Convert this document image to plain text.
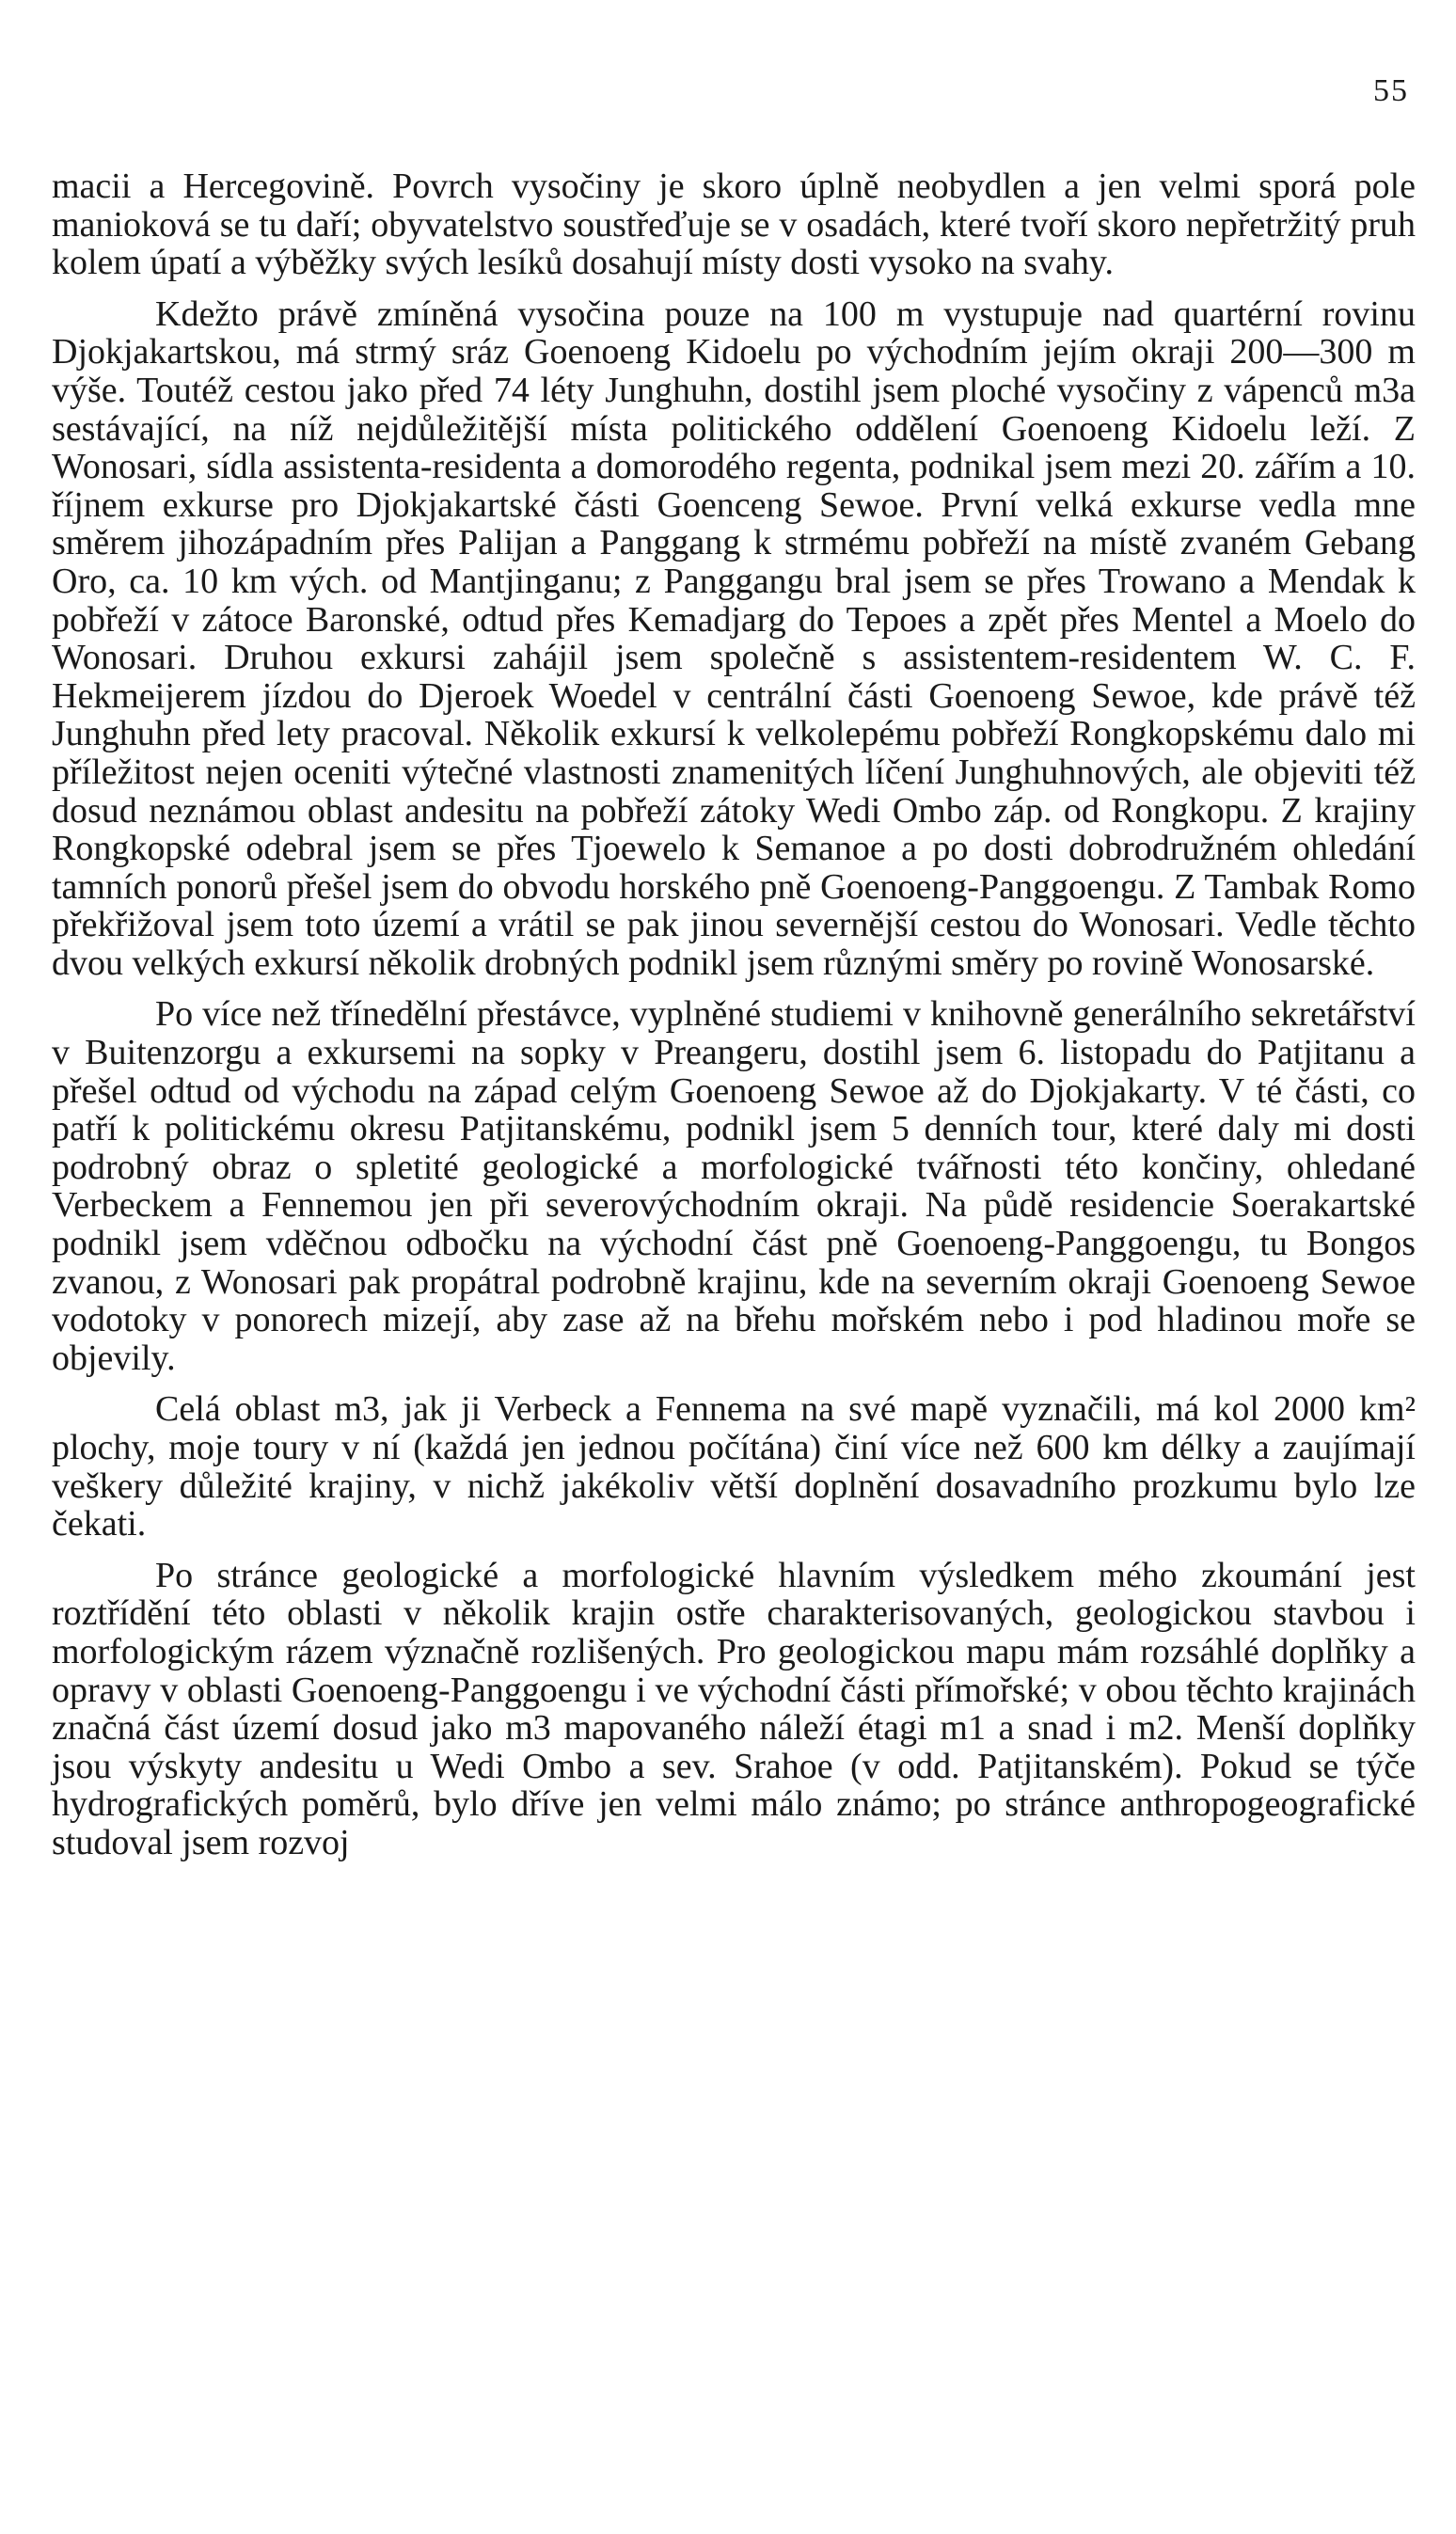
55

macii a Hercegovině. Povrch vysočiny je skoro úplně neobydlen a jen velmi sporá pole manioková se tu daří; obyvatelstvo soustřeďuje se v osadách, které tvoří skoro nepřetržitý pruh kolem úpatí a výběžky svých lesíků dosahují místy dosti vysoko na svahy.

Kdežto právě zmíněná vysočina pouze na 100 m vystupuje nad quartérní rovinu Djokjakartskou, má strmý sráz Goenoeng Kidoelu po východním jejím okraji 200—300 m výše. Toutéž cestou jako před 74 léty Junghuhn, dostihl jsem ploché vysočiny z vápenců m3a sestávající, na níž nejdůležitější místa politického oddělení Goenoeng Kidoelu leží. Z Wonosari, sídla assistenta-residenta a domorodého regenta, podnikal jsem mezi 20. zářím a 10. říjnem exkurse pro Djokjakartské části Goenceng Sewoe. První velká exkurse vedla mne směrem jihozápadním přes Palijan a Panggang k strmému pobřeží na místě zvaném Gebang Oro, ca. 10 km vých. od Mantjinganu; z Panggangu bral jsem se přes Trowano a Mendak k pobřeží v zátoce Baronské, odtud přes Kemadjarg do Tepoes a zpět přes Mentel a Moelo do Wonosari. Druhou exkursi zahájil jsem společně s assistentem-residentem W. C. F. Hekmeijerem jízdou do Djeroek Woedel v centrální části Goenoeng Sewoe, kde právě též Junghuhn před lety pracoval. Několik exkursí k velkolepému pobřeží Rongkopskému dalo mi příležitost nejen oceniti výtečné vlastnosti znamenitých líčení Junghuhnových, ale objeviti též dosud neznámou oblast andesitu na pobřeží zátoky Wedi Ombo záp. od Rongkopu. Z krajiny Rongkopské odebral jsem se přes Tjoewelo k Semanoe a po dosti dobrodružném ohledání tamních ponorů přešel jsem do obvodu horského pně Goenoeng-Panggoengu. Z Tambak Romo překřižoval jsem toto území a vrátil se pak jinou severnější cestou do Wonosari. Vedle těchto dvou velkých exkursí několik drobných podnikl jsem různými směry po rovině Wonosarské.

Po více než třínedělní přestávce, vyplněné studiemi v knihovně generálního sekretářství v Buitenzorgu a exkursemi na sopky v Preangeru, dostihl jsem 6. listopadu do Patjitanu a přešel odtud od východu na západ celým Goenoeng Sewoe až do Djokjakarty. V té části, co patří k politickému okresu Patjitanskému, podnikl jsem 5 denních tour, které daly mi dosti podrobný obraz o spletité geologické a morfologické tvářnosti této končiny, ohledané Verbeckem a Fennemou jen při severovýchodním okraji. Na půdě residencie Soerakartské podnikl jsem vděčnou odbočku na východní část pně Goenoeng-Panggoengu, tu Bongos zvanou, z Wonosari pak propátral podrobně krajinu, kde na severním okraji Goenoeng Sewoe vodotoky v ponorech mizejí, aby zase až na břehu mořském nebo i pod hladinou moře se objevily.

Celá oblast m3, jak ji Verbeck a Fennema na své mapě vyznačili, má kol 2000 km² plochy, moje toury v ní (každá jen jednou počítána) činí více než 600 km délky a zaujímají veškery důležité krajiny, v nichž jakékoliv větší doplnění dosavadního prozkumu bylo lze čekati.

Po stránce geologické a morfologické hlavním výsledkem mého zkoumání jest roztřídění této oblasti v několik krajin ostře charakterisovaných, geologickou stavbou i morfologickým rázem význačně rozlišených. Pro geologickou mapu mám rozsáhlé doplňky a opravy v oblasti Goenoeng-Panggoengu i ve východní části přímořské; v obou těchto krajinách značná část území dosud jako m3 mapovaného náleží étagi m1 a snad i m2. Menší doplňky jsou výskyty andesitu u Wedi Ombo a sev. Srahoe (v odd. Patjitanském). Pokud se týče hydrografických poměrů, bylo dříve jen velmi málo známo; po stránce anthropogeografické studoval jsem rozvoj
